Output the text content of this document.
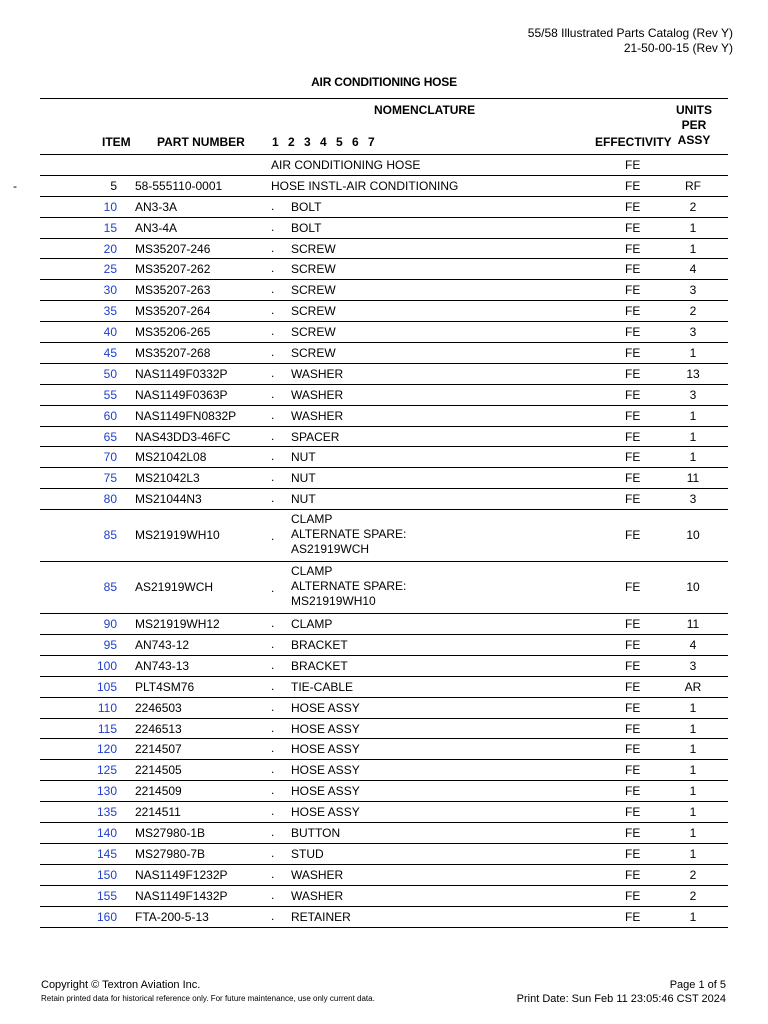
55/58 Illustrated Parts Catalog (Rev Y)
21-50-00-15 (Rev Y)
AIR CONDITIONING HOSE
NOMENCLATURE	UNITS PER ASSY
ITEM PART NUMBER 1 2 3 4 5 6 7	EFFECTIVITY
AIR CONDITIONING HOSE	FE
-	5 58-555110-0001	HOSE INSTL-AIR CONDITIONING	FE	RF
10 AN3-3A	. BOLT	FE	2
15 AN3-4A	. BOLT	FE	1
20 MS35207-246	. SCREW	FE	1
25 MS35207-262	. SCREW	FE	4
30 MS35207-263	. SCREW	FE	3
35 MS35207-264	. SCREW	FE	2
40 MS35206-265	. SCREW	FE	3
45 MS35207-268	. SCREW	FE	1
50 NAS1149F0332P	. WASHER	FE	13
55 NAS1149F0363P	. WASHER	FE	3
60 NAS1149FN0832P	. WASHER	FE	1
65 NAS43DD3-46FC	. SPACER	FE	1
70 MS21042L08	. NUT	FE	1
75 MS21042L3	. NUT	FE	11
80 MS21044N3	. NUT	FE	3
85 MS21919WH10	.
CLAMP
ALTERNATE SPARE:
AS21919WCH
FE	10
85 AS21919WCH	.
CLAMP
ALTERNATE SPARE:
MS21919WH10
FE	10
90 MS21919WH12	. CLAMP	FE	11
95 AN743-12	. BRACKET	FE	4
100 AN743-13	. BRACKET	FE	3
105 PLT4SM76	. TIE-CABLE	FE	AR
110 2246503	. HOSE ASSY	FE	1
115 2246513	. HOSE ASSY	FE	1
120 2214507	. HOSE ASSY	FE	1
125 2214505	. HOSE ASSY	FE	1
130 2214509	. HOSE ASSY	FE	1
135 2214511	. HOSE ASSY	FE	1
140 MS27980-1B	. BUTTON	FE	1
145 MS27980-7B	. STUD	FE	1
150 NAS1149F1232P	. WASHER	FE	2
155 NAS1149F1432P	. WASHER	FE	2
160 FTA-200-5-13	. RETAINER	FE	1
Copyright © Textron Aviation Inc.
Retain printed data for historical reference only. For future maintenance, use only current data.
Page 1 of 5
Print Date: Sun Feb 11 23:05:46 CST 2024
